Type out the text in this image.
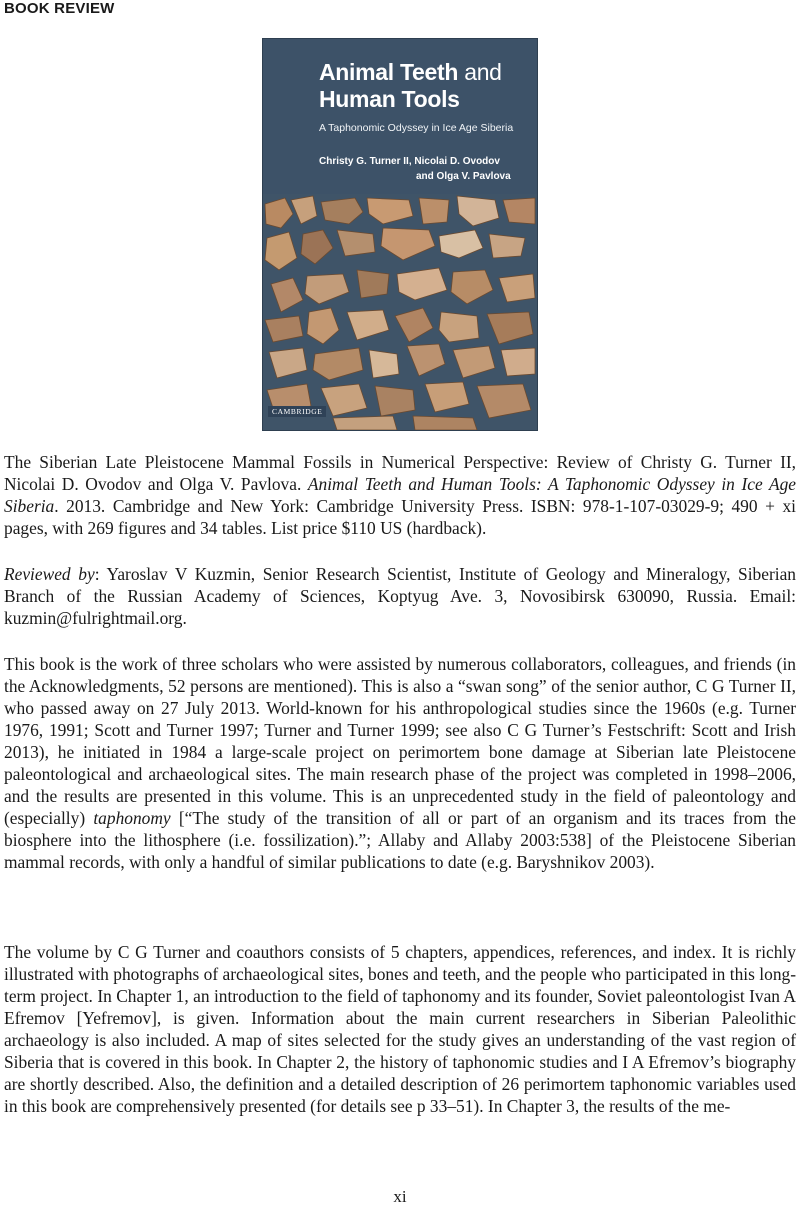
BOOK REVIEW
Animal Teeth and
Human Tools
A Taphonomic Odyssey in Ice Age Siberia
Christy G. Turner II, Nicolai D. Ovodov
and Olga V. Pavlova
CAMBRIDGE

The Siberian Late Pleistocene Mammal Fossils in Numerical Perspective: Review of Christy G. Turner II, Nicolai D. Ovodov and Olga V. Pavlova. Animal Teeth and Human Tools: A Taphonomic Odyssey in Ice Age Siberia. 2013. Cambridge and New York: Cambridge University Press. ISBN: 978-1-107-03029-9; 490 + xi pages, with 269 figures and 34 tables. List price $110 US (hardback).

Reviewed by: Yaroslav V Kuzmin, Senior Research Scientist, Institute of Geology and Mineralogy, Siberian Branch of the Russian Academy of Sciences, Koptyug Ave. 3, Novosibirsk 630090, Russia. Email: kuzmin@fulrightmail.org.

This book is the work of three scholars who were assisted by numerous collaborators, colleagues, and friends (in the Acknowledgments, 52 persons are mentioned). This is also a “swan song” of the senior author, C G Turner II, who passed away on 27 July 2013. World-known for his anthropological studies since the 1960s (e.g. Turner 1976, 1991; Scott and Turner 1997; Turner and Turner 1999; see also C G Turner’s Festschrift: Scott and Irish 2013), he initiated in 1984 a large-scale project on perimortem bone damage at Siberian late Pleistocene paleontological and archaeological sites. The main research phase of the project was completed in 1998–2006, and the results are presented in this volume. This is an unprecedented study in the field of paleontology and (especially) taphonomy [“The study of the transition of all or part of an organism and its traces from the biosphere into the lithosphere (i.e. fossilization).”; Allaby and Allaby 2003:538] of the Pleistocene Siberian mammal records, with only a handful of similar publications to date (e.g. Baryshnikov 2003).

The volume by C G Turner and coauthors consists of 5 chapters, appendices, references, and index. It is richly illustrated with photographs of archaeological sites, bones and teeth, and the people who participated in this long-term project. In Chapter 1, an introduction to the field of taphonomy and its founder, Soviet paleontologist Ivan A Efremov [Yefremov], is given. Information about the main current researchers in Siberian Paleolithic archaeology is also included. A map of sites selected for the study gives an understanding of the vast region of Siberia that is covered in this book. In Chapter 2, the history of taphonomic studies and I A Efremov’s biography are shortly described. Also, the definition and a detailed description of 26 perimortem taphonomic variables used in this book are comprehensively presented (for details see p 33–51). In Chapter 3, the results of the me-

xi
